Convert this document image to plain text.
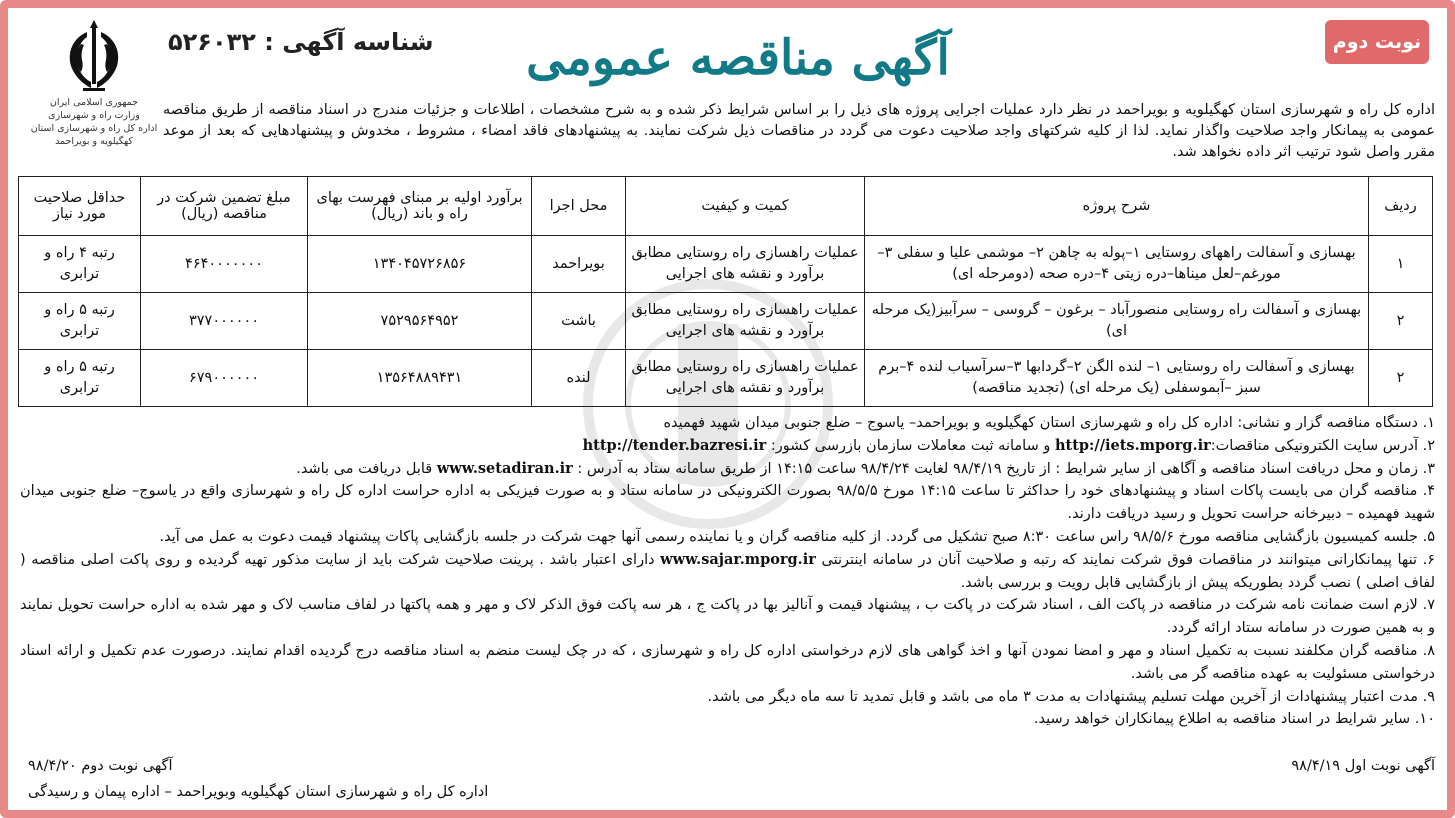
نوبت دوم
آگهی مناقصه عمومی
شناسه آگهی : ۵۲۶۰۳۲
جمهوری اسلامی ایران
وزارت راه و شهرسازی
اداره کل راه و شهرسازی استان کهگیلویه و بویراحمد
اداره کل راه و شهرسازی استان کهگیلویه و بویراحمد در نظر دارد عملیات اجرایی پروژه های ذیل را بر اساس شرایط ذکر شده و به شرح مشخصات ، اطلاعات و جزئیات مندرج در اسناد مناقصه از طریق مناقصه عمومی به پیمانکار واجد صلاحیت واگذار نماید. لذا از کلیه شرکتهای واجد صلاحیت دعوت می گردد در مناقصات ذیل شرکت نمایند. به پیشنهادهای فاقد امضاء ، مشروط ، مخدوش و پیشنهادهایی که بعد از موعد مقرر واصل شود ترتیب اثر داده نخواهد شد.
ردیف	شرح پروژه	کمیت و کیفیت	محل اجرا	برآورد اولیه بر مبنای فهرست بهای راه و باند (ریال)	مبلغ تضمین شرکت در مناقصه (ریال)	حداقل صلاحیت مورد نیاز
۱	بهسازی و آسفالت راههای روستایی ۱–پوله به چاهن ۲– موشمی علیا و سفلی ۳– مورغم–لعل میناها–دره زیتی ۴–دره صحه (دومرحله ای)	عملیات راهسازی راه روستایی مطابق برآورد و نقشه های اجرایی	بویراحمد	۱۳۴۰۴۵۷۲۶۸۵۶	۴۶۴۰۰۰۰۰۰۰	رتبه ۴ راه و ترابری
۲	بهسازی و آسفالت راه روستایی منصورآباد – برغون – گروسی – سرآبیز(یک مرحله ای)	عملیات راهسازی راه روستایی مطابق برآورد و نقشه های اجرایی	باشت	۷۵۲۹۵۶۴۹۵۲	۳۷۷۰۰۰۰۰۰	رتبه ۵ راه و ترابری
۲	بهسازی و آسفالت راه روستایی ۱– لنده الگن ۲–گردابها ۳–سرآسیاب لنده ۴–برم سبز –آبموسفلی (یک مرحله ای) (تجدید مناقصه)	عملیات راهسازی راه روستایی مطابق برآورد و نقشه های اجرایی	لنده	۱۳۵۶۴۸۸۹۴۳۱	۶۷۹۰۰۰۰۰۰	رتبه ۵ راه و ترابری

۱. دستگاه مناقصه گزار و نشانی: اداره کل راه و شهرسازی استان کهگیلویه و بویراحمد– یاسوج – ضلع جنوبی میدان شهید فهمیده

۲. آدرس سایت الکترونیکی مناقصات:http://iets.mporg.ir و سامانه ثبت معاملات سازمان بازرسی کشور: http://tender.bazresi.ir

۳. زمان و محل دریافت اسناد مناقصه و آگاهی از سایر شرایط : از تاریخ ۹۸/۴/۱۹ لغایت ۹۸/۴/۲۴ ساعت ۱۴:۱۵ از طریق سامانه ستاد به آدرس : www.setadiran.ir قابل دریافت می باشد.

۴. مناقصه گران می بایست پاکات اسناد و پیشنهادهای خود را حداکثر تا ساعت ۱۴:۱۵ مورخ ۹۸/۵/۵ بصورت الکترونیکی در سامانه ستاد و به صورت فیزیکی به اداره حراست اداره کل راه و شهرسازی واقع در یاسوج– ضلع جنوبی میدان شهید فهمیده – دبیرخانه حراست تحویل و رسید دریافت دارند.

۵. جلسه کمیسیون بازگشایی مناقصه مورخ ۹۸/۵/۶ راس ساعت ۸:۳۰ صبح تشکیل می گردد. از کلیه مناقصه گران و یا نماینده رسمی آنها جهت شرکت در جلسه بازگشایی پاکات پیشنهاد قیمت دعوت به عمل می آید.

۶. تنها پیمانکارانی میتوانند در مناقصات فوق شرکت نمایند که رتبه و صلاحیت آنان در سامانه اینترنتی www.sajar.mporg.ir دارای اعتبار باشد . پرینت صلاحیت شرکت باید از سایت مذکور تهیه گردیده و روی پاکت اصلی مناقصه ( لفاف اصلی ) نصب گردد بطوریکه پیش از بازگشایی قابل رویت و بررسی باشد.

۷. لازم است ضمانت نامه شرکت در مناقصه در پاکت الف ، اسناد شرکت در پاکت ب ، پیشنهاد قیمت و آنالیز بها در پاکت ج ، هر سه پاکت فوق الذکر لاک و مهر و همه پاکتها در لفاف مناسب لاک و مهر شده به اداره حراست تحویل نمایند و به همین صورت در سامانه ستاد ارائه گردد.

۸. مناقصه گران مکلفند نسبت به تکمیل اسناد و مهر و امضا نمودن آنها و اخذ گواهی های لازم درخواستی اداره کل راه و شهرسازی ، که در چک لیست منضم به اسناد مناقصه درج گردیده اقدام نمایند. درصورت عدم تکمیل و ارائه اسناد درخواستی مسئولیت به عهده مناقصه گر می باشد.

۹. مدت اعتبار پیشنهادات از آخرین مهلت تسلیم پیشنهادات به مدت ۳ ماه می باشد و قابل تمدید تا سه ماه دیگر می باشد.

۱۰. سایر شرایط در اسناد مناقصه به اطلاع پیمانکاران خواهد رسید.

آگهی نوبت اول ۹۸/۴/۱۹
آگهی نوبت دوم ۹۸/۴/۲۰
اداره کل راه و شهرسازی استان کهگیلویه وبویراحمد – اداره پیمان و رسیدگی
